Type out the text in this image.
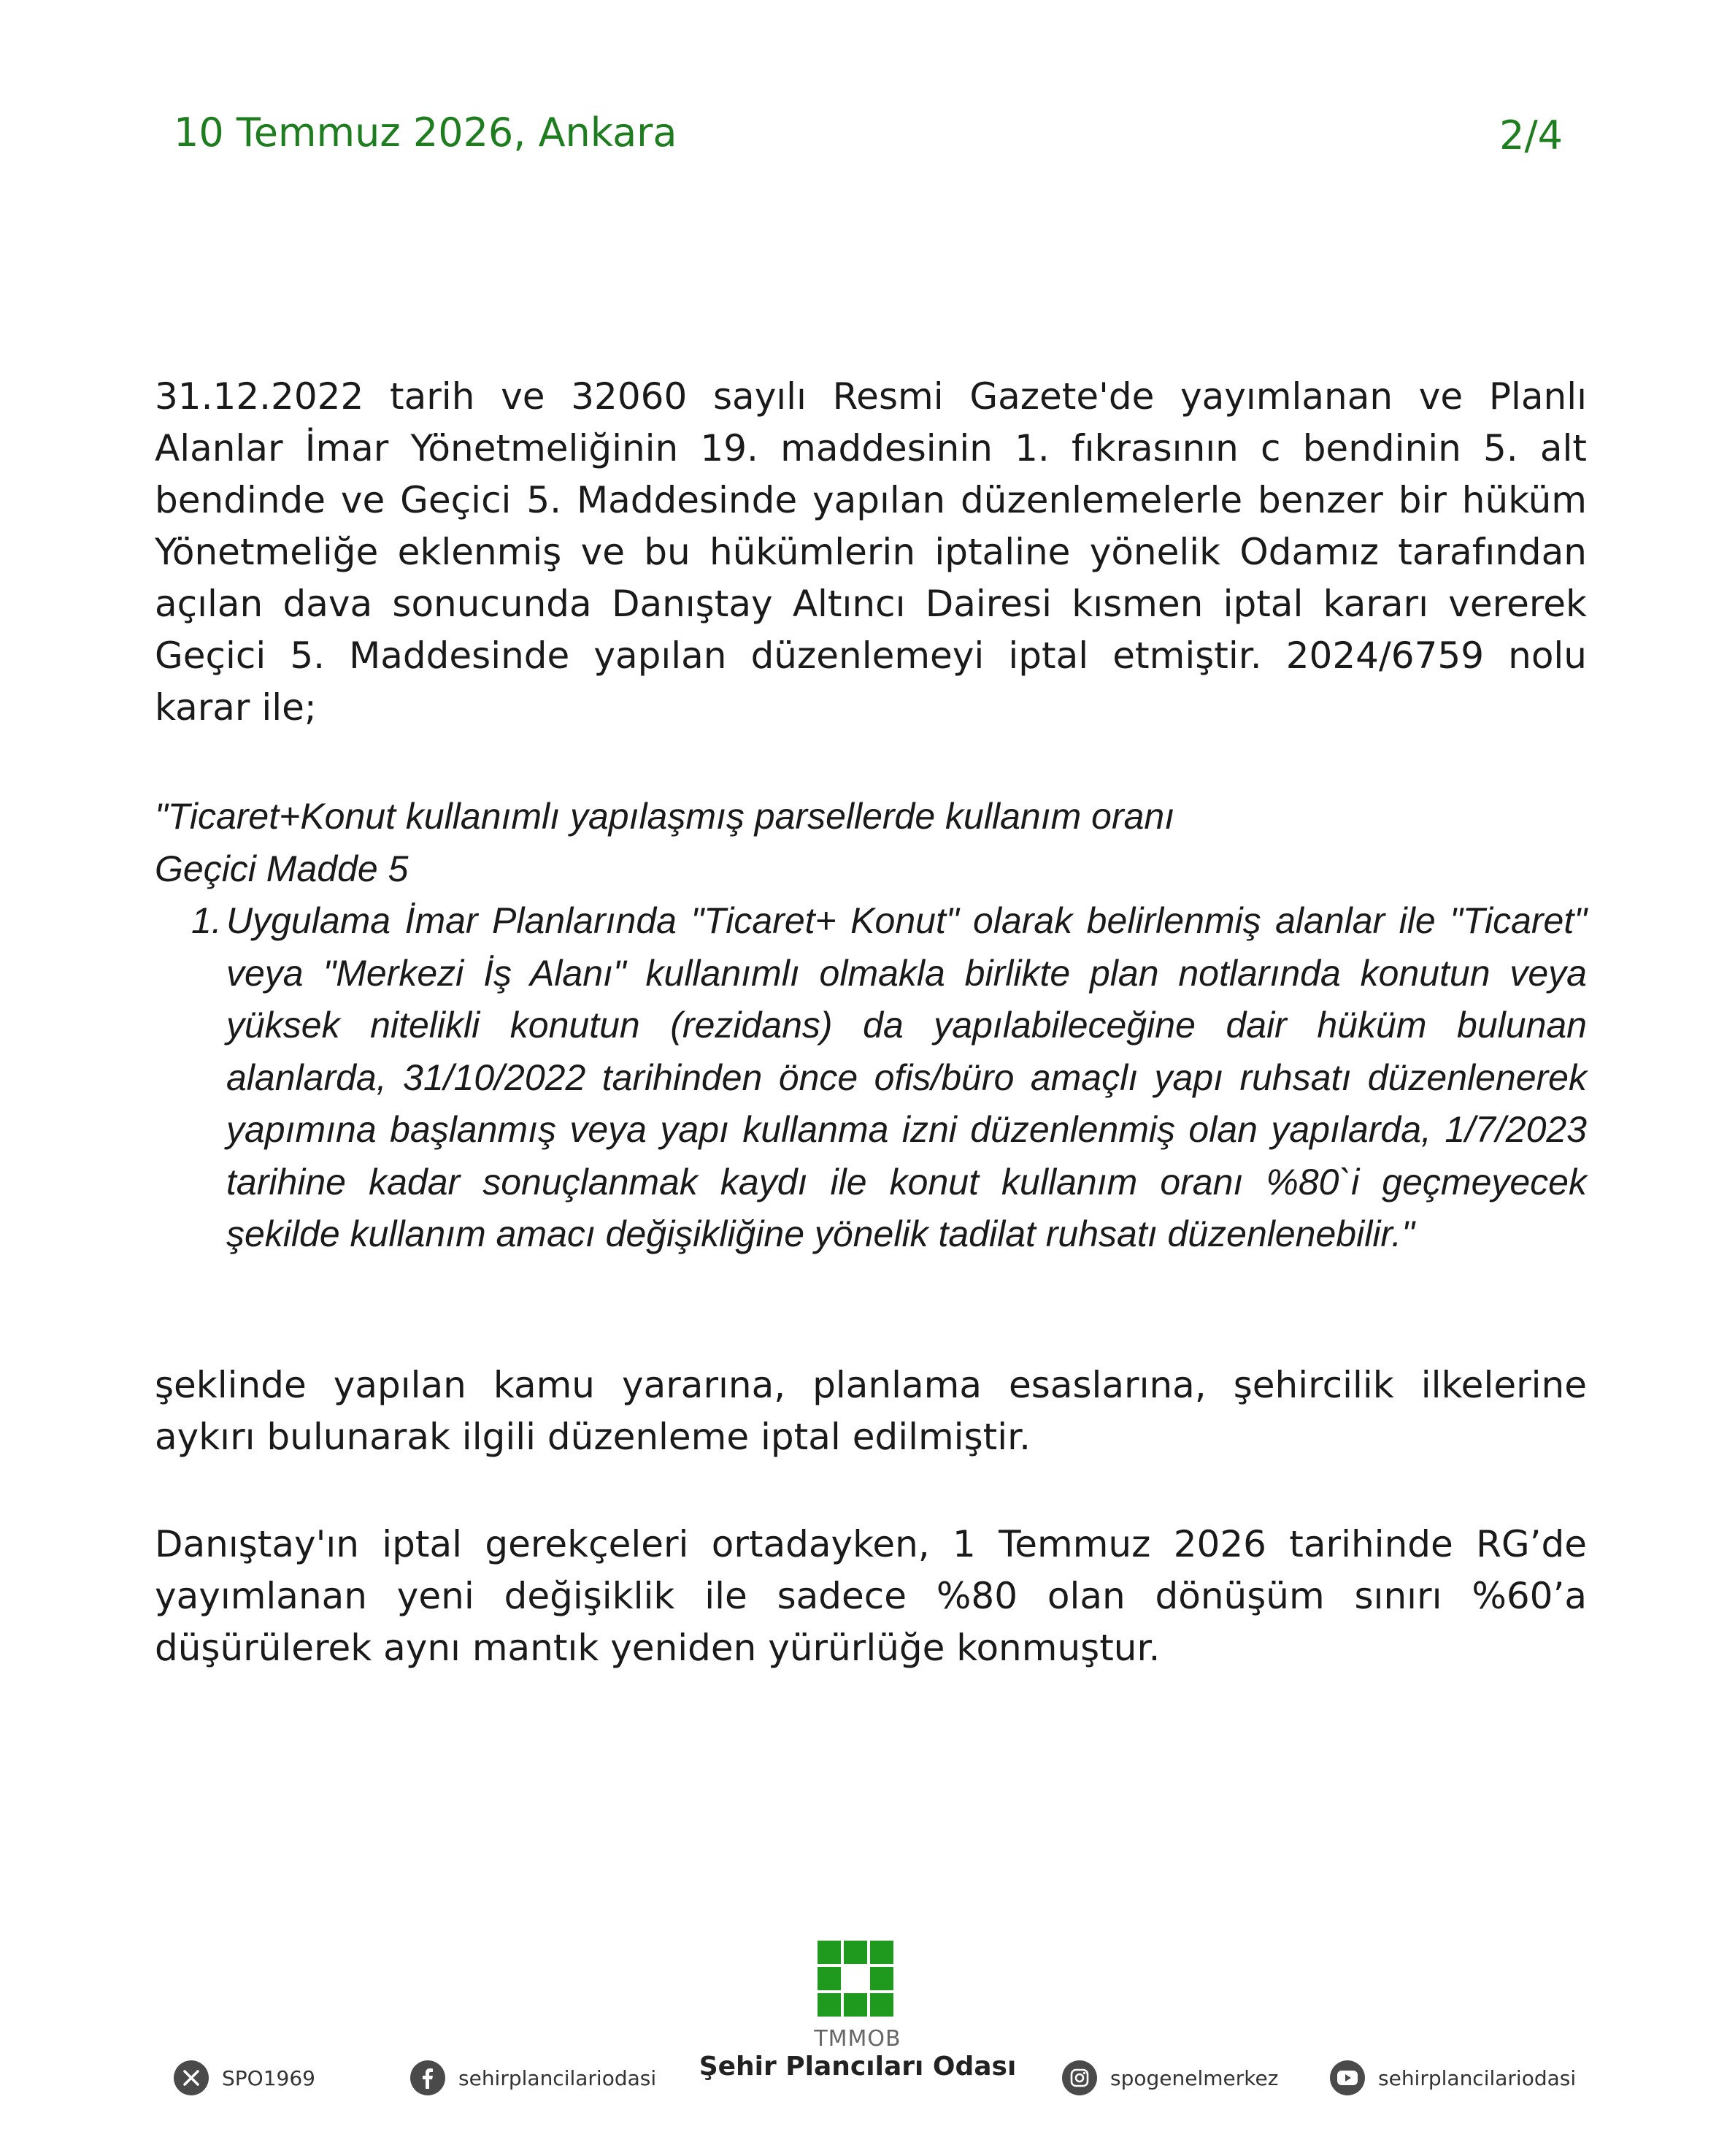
10 Temmuz 2026, Ankara	2/4
31.12.2022 tarih ve 32060 sayılı Resmi Gazete'de yayımlanan ve Planlı Alanlar İmar Yönetmeliğinin 19. maddesinin 1. fıkrasının c bendinin 5. alt bendinde ve Geçici 5. Maddesinde yapılan düzenlemelerle benzer bir hüküm Yönetmeliğe eklenmiş ve bu hükümlerin iptaline yönelik Odamız tarafından açılan dava sonucunda Danıştay Altıncı Dairesi kısmen iptal kararı vererek Geçici 5. Maddesinde yapılan düzenlemeyi iptal etmiştir. 2024/6759 nolu karar ile;
"Ticaret+Konut kullanımlı yapılaşmış parsellerde kullanım oranı
Geçici Madde 5
1. Uygulama İmar Planlarında "Ticaret+ Konut" olarak belirlenmiş alanlar ile "Ticaret" veya "Merkezi İş Alanı" kullanımlı olmakla birlikte plan notlarında konutun veya yüksek nitelikli konutun (rezidans) da yapılabileceğine dair hüküm bulunan alanlarda, 31/10/2022 tarihinden önce ofis/büro amaçlı yapı ruhsatı düzenlenerek yapımına başlanmış veya yapı kullanma izni düzenlenmiş olan yapılarda, 1/7/2023 tarihine kadar sonuçlanmak kaydı ile konut kullanım oranı %80`i geçmeyecek şekilde kullanım amacı değişikliğine yönelik tadilat ruhsatı düzenlenebilir."
şeklinde yapılan kamu yararına, planlama esaslarına, şehircilik ilkelerine aykırı bulunarak ilgili düzenleme iptal edilmiştir.
Danıştay'ın iptal gerekçeleri ortadayken, 1 Temmuz 2026 tarihinde RG’de yayımlanan yeni değişiklik ile sadece %80 olan dönüşüm sınırı %60’a düşürülerek aynı mantık yeniden yürürlüğe konmuştur.
TMMOB
Şehir Plancıları Odası
SPO1969	sehirplancilariodasi	spogenelmerkez	sehirplancilariodasi
